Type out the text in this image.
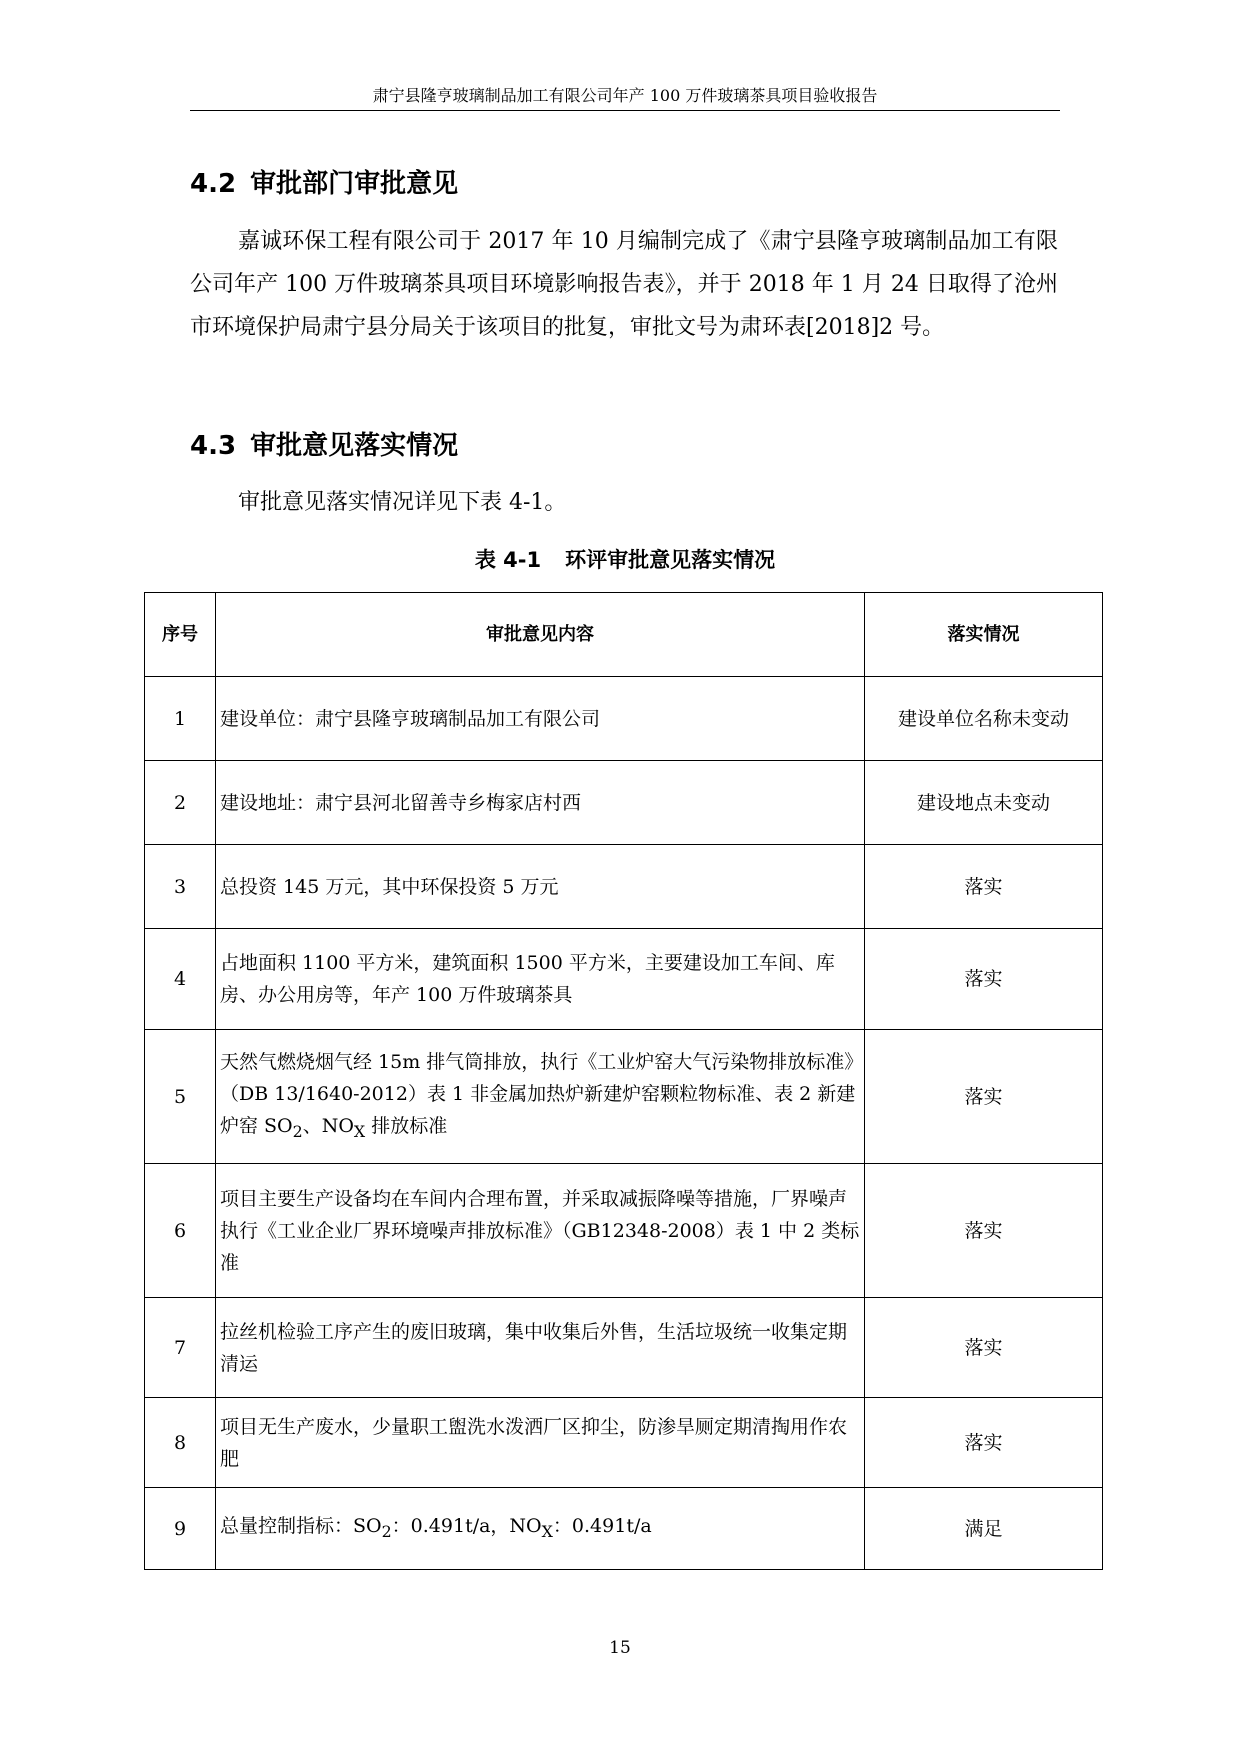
肃宁县隆亨玻璃制品加工有限公司年产 100 万件玻璃茶具项目验收报告
4.2 审批部门审批意见
嘉诚环保工程有限公司于 2017 年 10 月编制完成了《肃宁县隆亨玻璃制品加工有限公司年产 100 万件玻璃茶具项目环境影响报告表》，并于 2018 年 1 月 24 日取得了沧州市环境保护局肃宁县分局关于该项目的批复，审批文号为肃环表[2018]2 号。
4.3 审批意见落实情况
审批意见落实情况详见下表 4-1。
表 4-1 环评审批意见落实情况
序号	审批意见内容	落实情况
1	建设单位：肃宁县隆亨玻璃制品加工有限公司	建设单位名称未变动
2	建设地址：肃宁县河北留善寺乡梅家店村西	建设地点未变动
3	总投资 145 万元，其中环保投资 5 万元	落实
4	占地面积 1100 平方米，建筑面积 1500 平方米，主要建设加工车间、库房、办公用房等，年产 100 万件玻璃茶具	落实
5	天然气燃烧烟气经 15m 排气筒排放，执行《工业炉窑大气污染物排放标准》（DB 13/1640-2012）表 1 非金属加热炉新建炉窑颗粒物标准、表 2 新建炉窑 $SO_2$、$NO_X$ 排放标准	落实
6	项目主要生产设备均在车间内合理布置，并采取减振降噪等措施，厂界噪声执行《工业企业厂界环境噪声排放标准》（GB12348-2008）表 1 中 2 类标准	落实
7	拉丝机检验工序产生的废旧玻璃，集中收集后外售，生活垃圾统一收集定期清运	落实
8	项目无生产废水，少量职工盥洗水泼洒厂区抑尘，防渗旱厕定期清掏用作农肥	落实
9	总量控制指标：$SO_2$：0.491t/a，$NO_X$：0.491t/a	满足
15
